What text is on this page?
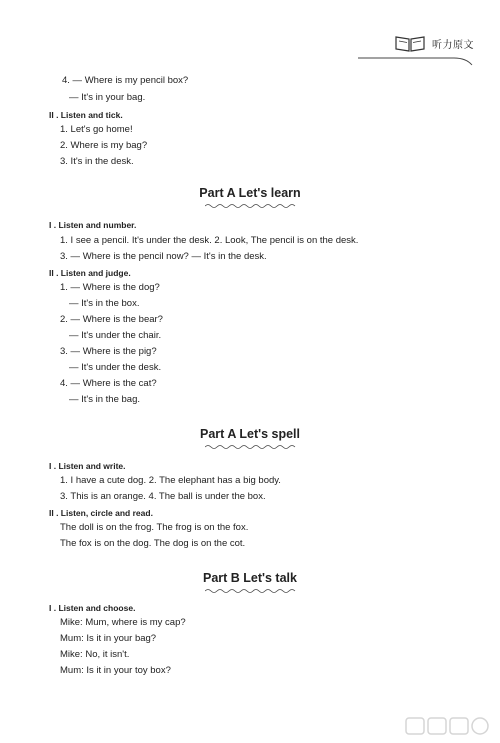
听力原文
4. — Where is my pencil box?
— It's in your bag.
II . Listen and tick.
1. Let's go home!
2. Where is my bag?
3. It's in the desk.
Part A Let's learn
I . Listen and number.
1. I see a pencil. It's under the desk. 2. Look, The pencil is on the desk.
3. — Where is the pencil now? — It's in the desk.
II . Listen and judge.
1. — Where is the dog?
— It's in the box.
2. — Where is the bear?
— It's under the chair.
3. — Where is the pig?
— It's under the desk.
4. — Where is the cat?
— It's in the bag.
Part A Let's spell
I . Listen and write.
1. I have a cute dog. 2. The elephant has a big body.
3. This is an orange. 4. The ball is under the box.
II . Listen, circle and read.
The doll is on the frog. The frog is on the fox.
The fox is on the dog. The dog is on the cot.
Part B Let's talk
I . Listen and choose.
Mike: Mum, where is my cap?
Mum: Is it in your bag?
Mike: No, it isn't.
Mum: Is it in your toy box?
